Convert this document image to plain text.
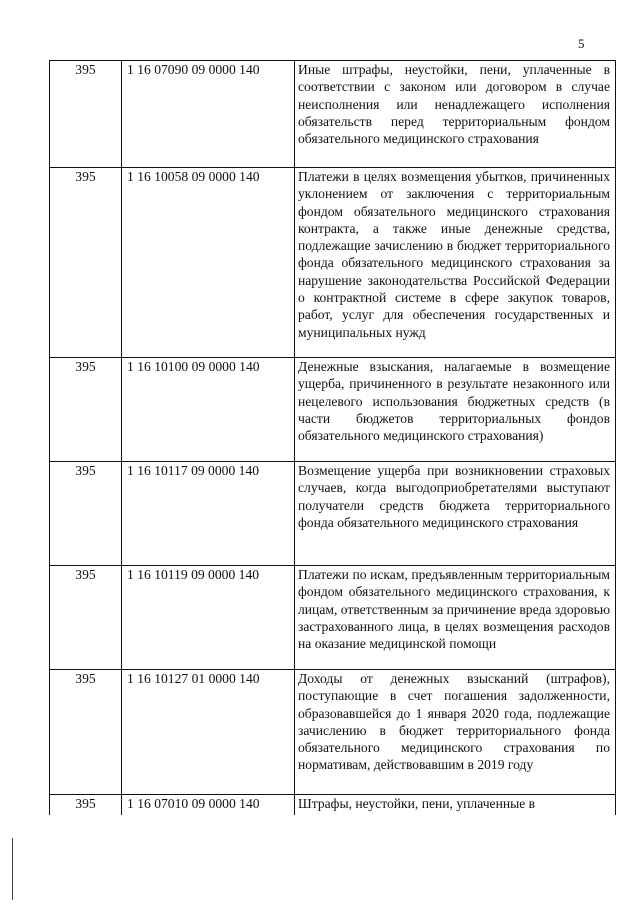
5
395	1 16 07090 09 0000 140	Иные штрафы, неустойки, пени, уплаченные в соответствии с законом или договором в случае неисполнения или ненадлежащего исполнения обязательств перед территориальным фондом обязательного медицинского страхования
395	1 16 10058 09 0000 140	Платежи в целях возмещения убытков, причиненных уклонением от заключения с территориальным фондом обязательного медицинского страхования контракта, а также иные денежные средства, подлежащие зачислению в бюджет территориального фонда обязательного медицинского страхования за нарушение законодательства Российской Федерации о контрактной системе в сфере закупок товаров, работ, услуг для обеспечения государственных и муниципальных нужд
395	1 16 10100 09 0000 140	Денежные взыскания, налагаемые в возмещение ущерба, причиненного в результате незаконного или нецелевого использования бюджетных средств (в части бюджетов территориальных фондов обязательного медицинского страхования)
395	1 16 10117 09 0000 140	Возмещение ущерба при возникновении страховых случаев, когда выгодоприобретателями выступают получатели средств бюджета территориального фонда обязательного медицинского страхования
395	1 16 10119 09 0000 140	Платежи по искам, предъявленным территориальным фондом обязательного медицинского страхования, к лицам, ответственным за причинение вреда здоровью застрахованного лица, в целях возмещения расходов на оказание медицинской помощи
395	1 16 10127 01 0000 140	Доходы от денежных взысканий (штрафов), поступающие в счет погашения задолженности, образовавшейся до 1 января 2020 года, подлежащие зачислению в бюджет территориального фонда обязательного медицинского страхования по нормативам, действовавшим в 2019 году
395	1 16 07010 09 0000 140	Штрафы, неустойки, пени, уплаченные в
